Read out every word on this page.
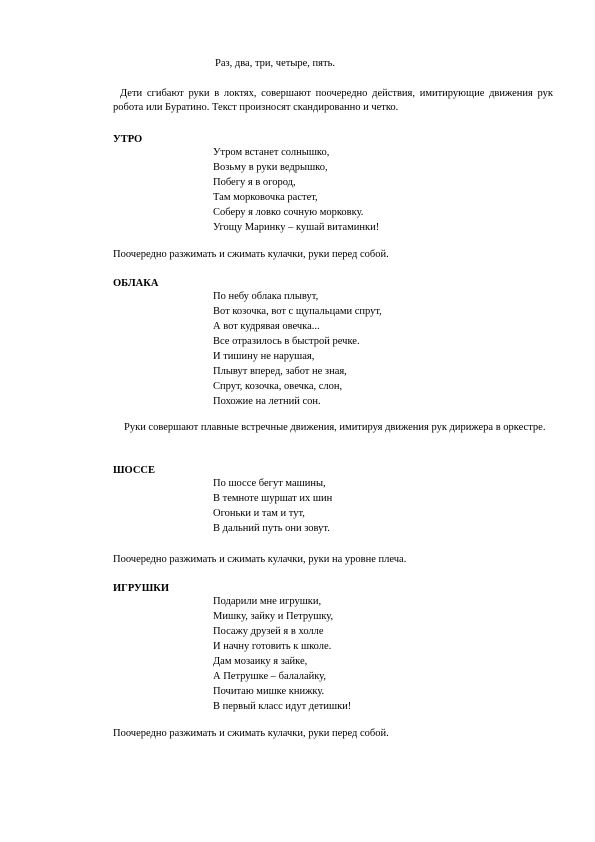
Раз, два, три, четыре, пять.
Дети сгибают руки в локтях, совершают поочередно действия, имитирующие движения рук робота или Буратино. Текст произносят скандированно и четко.
УТРО
Утром встанет солнышко,
Возьму в руки ведрышко,
Побегу я в огород,
Там морковочка растет,
Соберу я ловко сочную морковку.
Угощу Маринку – кушай витаминки!
Поочередно разжимать и сжимать кулачки, руки перед собой.
ОБЛАКА
По небу облака плывут,
Вот козочка, вот с щупальцами спрут,
А вот кудрявая овечка...
Все отразилось в быстрой речке.
И тишину не нарушая,
Плывут вперед, забот не зная,
Спрут, козочка, овечка, слон,
Похожие на летний сон.
Руки совершают плавные встречные движения, имитируя движения рук дирижера в оркестре.
ШОССЕ
По шоссе бегут машины,
В темноте шуршат их шин
Огоньки и там и тут,
В дальний путь они зовут.
Поочередно разжимать и сжимать кулачки, руки на уровне плеча.
ИГРУШКИ
Подарили мне игрушки,
Мишку, зайку и Петрушку,
Посажу друзей я в холле
И начну готовить к школе.
Дам мозаику я зайке,
А Петрушке – балалайку,
Почитаю мишке книжку.
В первый класс идут детишки!
Поочередно разжимать и сжимать кулачки, руки перед собой.
